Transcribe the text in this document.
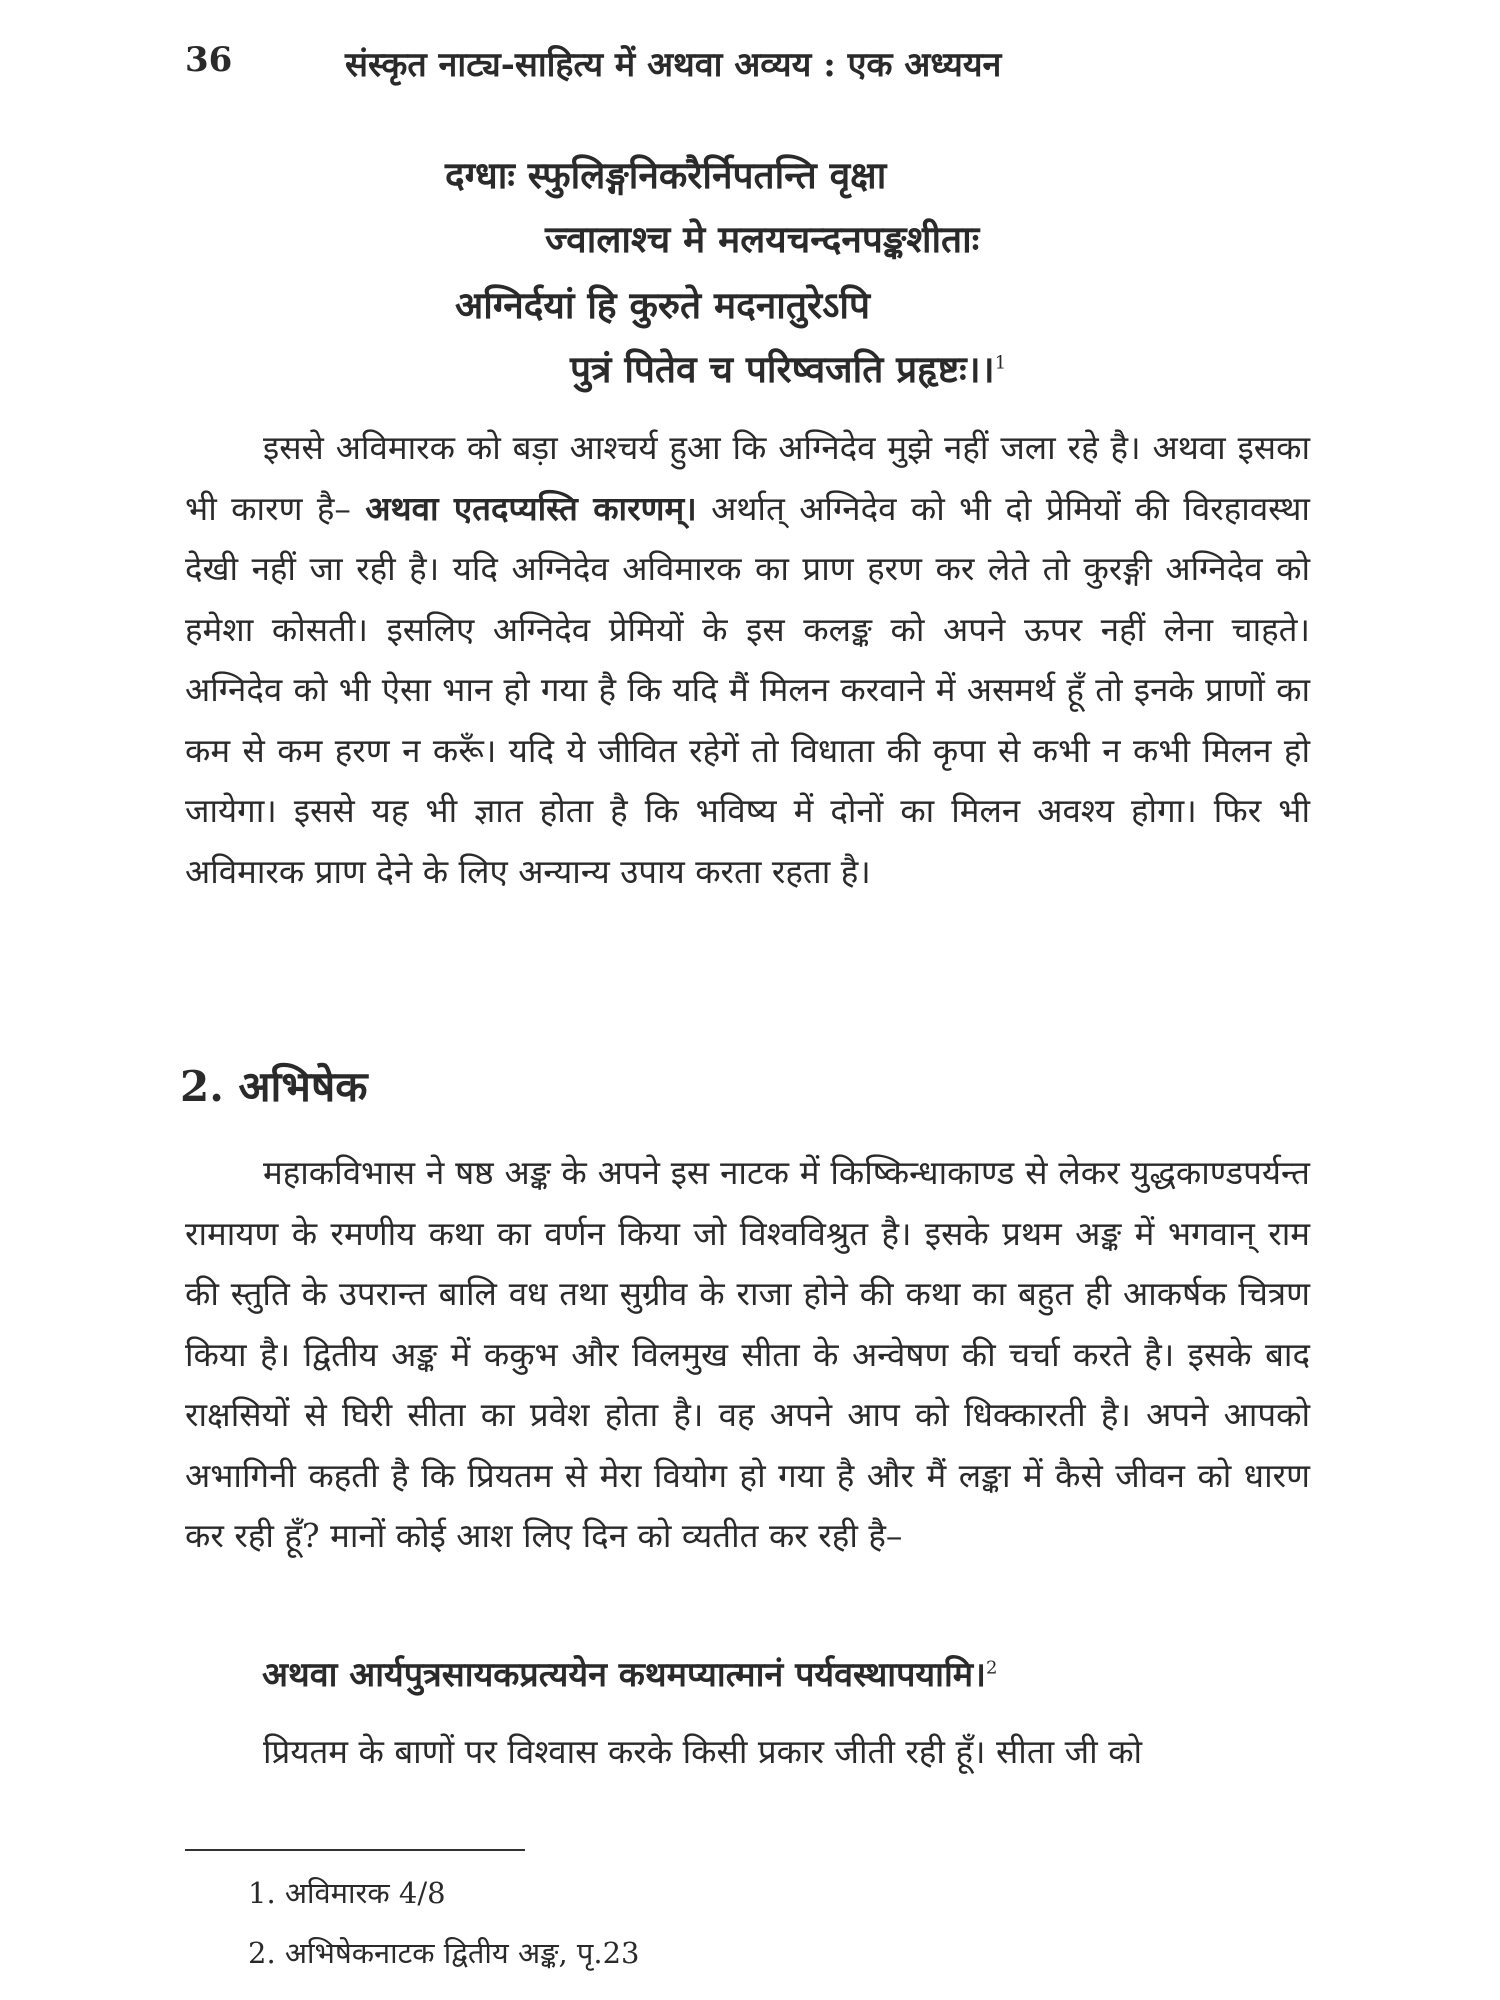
36	संस्कृत नाट्य-साहित्य में अथवा अव्यय : एक अध्ययन
दग्धाः स्फुलिङ्गनिकरैर्निपतन्ति वृक्षा
ज्वालाश्च मे मलयचन्दनपङ्कशीताः
अग्निर्दयां हि कुरुते मदनातुरेऽपि
पुत्रं पितेव च परिष्वजति प्रहृष्टः।।$^1$

इससे अविमारक को बड़ा आश्चर्य हुआ कि अग्निदेव मुझे नहीं जला रहे है। अथवा इसका भी कारण है– अथवा एतदप्यस्ति कारणम्। अर्थात् अग्निदेव को भी दो प्रेमियों की विरहावस्था देखी नहीं जा रही है। यदि अग्निदेव अविमारक का प्राण हरण कर लेते तो कुरङ्गी अग्निदेव को हमेशा कोसती। इसलिए अग्निदेव प्रेमियों के इस कलङ्क को अपने ऊपर नहीं लेना चाहते। अग्निदेव को भी ऐसा भान हो गया है कि यदि मैं मिलन करवाने में असमर्थ हूँ तो इनके प्राणों का कम से कम हरण न करूँ। यदि ये जीवित रहेगें तो विधाता की कृपा से कभी न कभी मिलन हो जायेगा। इससे यह भी ज्ञात होता है कि भविष्य में दोनों का मिलन अवश्य होगा। फिर भी अविमारक प्राण देने के लिए अन्यान्य उपाय करता रहता है।

2. अभिषेक

महाकविभास ने षष्ठ अङ्क के अपने इस नाटक में किष्किन्धाकाण्ड से लेकर युद्धकाण्डपर्यन्त रामायण के रमणीय कथा का वर्णन किया जो विश्वविश्रुत है। इसके प्रथम अङ्क में भगवान् राम की स्तुति के उपरान्त बालि वध तथा सुग्रीव के राजा होने की कथा का बहुत ही आकर्षक चित्रण किया है। द्वितीय अङ्क में ककुभ और विलमुख सीता के अन्वेषण की चर्चा करते है। इसके बाद राक्षसियों से घिरी सीता का प्रवेश होता है। वह अपने आप को धिक्कारती है। अपने आपको अभागिनी कहती है कि प्रियतम से मेरा वियोग हो गया है और मैं लङ्का में कैसे जीवन को धारण कर रही हूँ? मानों कोई आश लिए दिन को व्यतीत कर रही है–

अथवा आर्यपुत्रसायकप्रत्ययेन कथमप्यात्मानं पर्यवस्थापयामि।$^2$

प्रियतम के बाणों पर विश्वास करके किसी प्रकार जीती रही हूँ। सीता जी को

1. अविमारक 4/8
2. अभिषेकनाटक द्वितीय अङ्क, पृ.23
